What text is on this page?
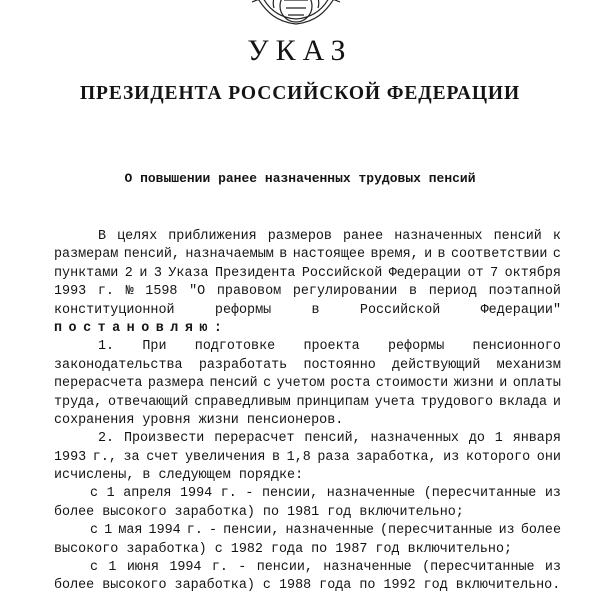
УКАЗ
ПРЕЗИДЕНТА РОССИЙСКОЙ ФЕДЕРАЦИИ
О повышении ранее назначенных трудовых пенсий
В целях приближения размеров ранее назначенных пенсий к
размерам пенсий, назначаемым в настоящее время, и в соответствии с
пунктами 2 и 3 Указа Президента Российской Федерации от 7 октября
1993 г. № 1598 "О правовом регулировании в период поэтапной
конституционной	реформы	в	Российской	Федерации"
постановляю:
1. При подготовке проекта реформы пенсионного
законодательства разработать постоянно действующий механизм
перерасчета размера пенсий с учетом роста стоимости жизни и оплаты
труда, отвечающий справедливым принципам учета трудового вклада и
сохранения уровня жизни пенсионеров.
2. Произвести перерасчет пенсий, назначенных до 1 января
1993 г., за счет увеличения в 1,8 раза заработка, из которого они
исчислены, в следующем порядке:
с 1 апреля 1994 г. - пенсии, назначенные (пересчитанные из
более высокого заработка) по 1981 год включительно;
с 1 мая 1994 г. - пенсии, назначенные (пересчитанные из более
высокого заработка) с 1982 года по 1987 год включительно;
с 1 июня 1994 г. - пенсии, назначенные (пересчитанные из
более высокого заработка) с 1988 года по 1992 год включительно.
